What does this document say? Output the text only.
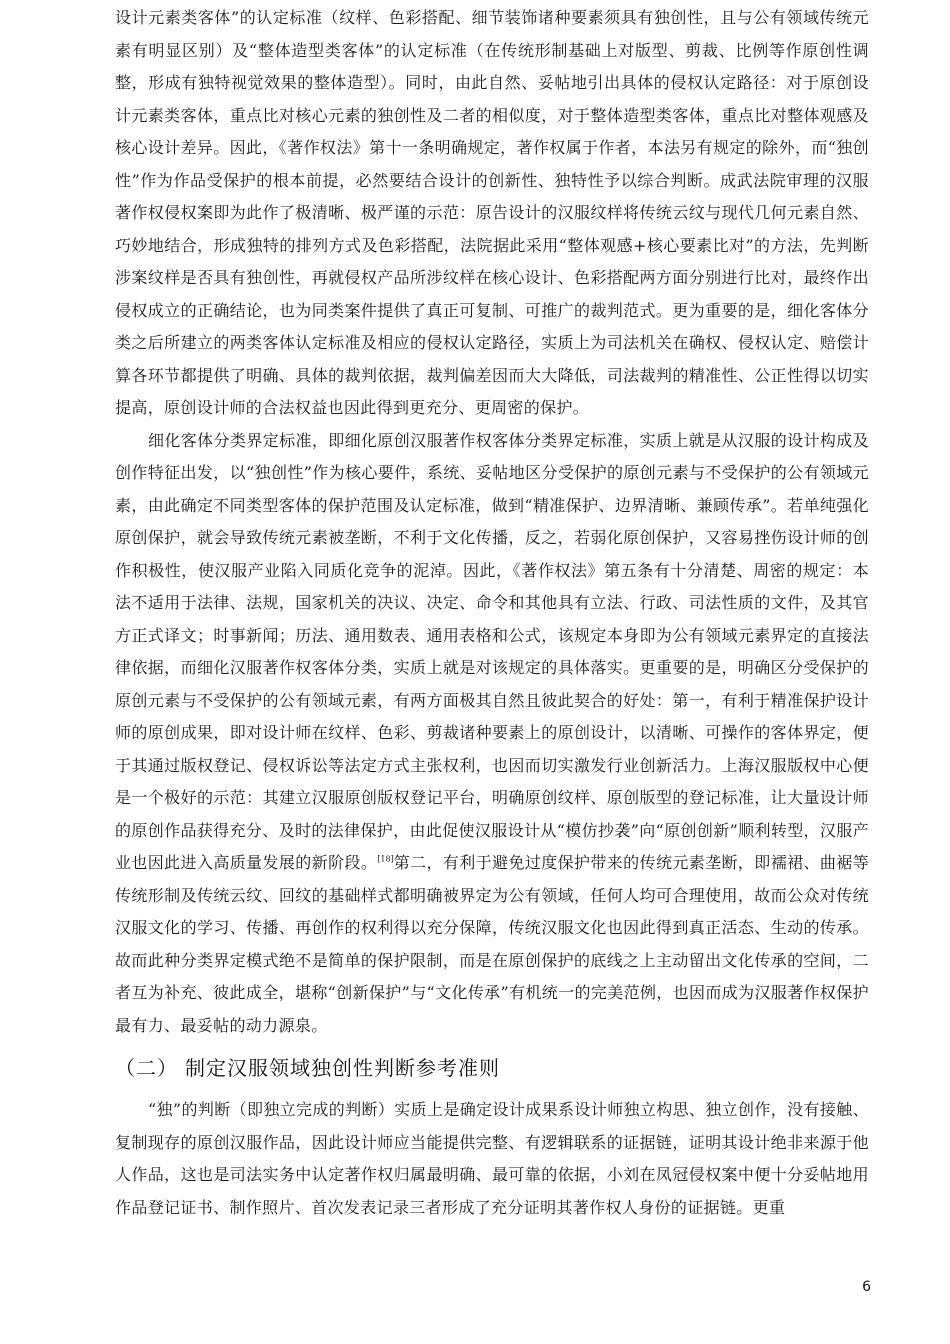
设计元素类客体”的认定标准（纹样、色彩搭配、细节装饰诸种要素须具有独创性，且与公有领域传统元素有明显区别）及“整体造型类客体”的认定标准（在传统形制基础上对版型、剪裁、比例等作原创性调整，形成有独特视觉效果的整体造型）。同时，由此自然、妥帖地引出具体的侵权认定路径：对于原创设计元素类客体，重点比对核心元素的独创性及二者的相似度，对于整体造型类客体，重点比对整体观感及核心设计差异。因此，《著作权法》第十一条明确规定，著作权属于作者，本法另有规定的除外，而“独创性”作为作品受保护的根本前提，必然要结合设计的创新性、独特性予以综合判断。成武法院审理的汉服著作权侵权案即为此作了极清晰、极严谨的示范：原告设计的汉服纹样将传统云纹与现代几何元素自然、巧妙地结合，形成独特的排列方式及色彩搭配，法院据此采用“整体观感+核心要素比对”的方法，先判断涉案纹样是否具有独创性，再就侵权产品所涉纹样在核心设计、色彩搭配两方面分别进行比对，最终作出侵权成立的正确结论，也为同类案件提供了真正可复制、可推广的裁判范式。更为重要的是，细化客体分类之后所建立的两类客体认定标准及相应的侵权认定路径，实质上为司法机关在确权、侵权认定、赔偿计算各环节都提供了明确、具体的裁判依据，裁判偏差因而大大降低，司法裁判的精准性、公正性得以切实提高，原创设计师的合法权益也因此得到更充分、更周密的保护。

细化客体分类界定标准，即细化原创汉服著作权客体分类界定标准，实质上就是从汉服的设计构成及创作特征出发，以“独创性”作为核心要件，系统、妥帖地区分受保护的原创元素与不受保护的公有领域元素，由此确定不同类型客体的保护范围及认定标准，做到“精准保护、边界清晰、兼顾传承”。若单纯强化原创保护，就会导致传统元素被垄断，不利于文化传播，反之，若弱化原创保护，又容易挫伤设计师的创作积极性，使汉服产业陷入同质化竞争的泥淖。因此，《著作权法》第五条有十分清楚、周密的规定：本法不适用于法律、法规，国家机关的决议、决定、命令和其他具有立法、行政、司法性质的文件，及其官方正式译文；时事新闻；历法、通用数表、通用表格和公式，该规定本身即为公有领域元素界定的直接法律依据，而细化汉服著作权客体分类，实质上就是对该规定的具体落实。更重要的是，明确区分受保护的原创元素与不受保护的公有领域元素，有两方面极其自然且彼此契合的好处：第一，有利于精准保护设计师的原创成果，即对设计师在纹样、色彩、剪裁诸种要素上的原创设计，以清晰、可操作的客体界定，便于其通过版权登记、侵权诉讼等法定方式主张权利，也因而切实激发行业创新活力。上海汉服版权中心便是一个极好的示范：其建立汉服原创版权登记平台，明确原创纹样、原创版型的登记标准，让大量设计师的原创作品获得充分、及时的法律保护，由此促使汉服设计从“模仿抄袭”向“原创创新”顺利转型，汉服产业也因此进入高质量发展的新阶段。[18]第二，有利于避免过度保护带来的传统元素垄断，即襦裙、曲裾等传统形制及传统云纹、回纹的基础样式都明确被界定为公有领域，任何人均可合理使用，故而公众对传统汉服文化的学习、传播、再创作的权利得以充分保障，传统汉服文化也因此得到真正活态、生动的传承。故而此种分类界定模式绝不是简单的保护限制，而是在原创保护的底线之上主动留出文化传承的空间，二者互为补充、彼此成全，堪称“创新保护”与“文化传承”有机统一的完美范例，也因而成为汉服著作权保护最有力、最妥帖的动力源泉。

（二） 制定汉服领域独创性判断参考准则

“独”的判断（即独立完成的判断）实质上是确定设计成果系设计师独立构思、独立创作，没有接触、复制现存的原创汉服作品，因此设计师应当能提供完整、有逻辑联系的证据链，证明其设计绝非来源于他人作品，这也是司法实务中认定著作权归属最明确、最可靠的依据，小刘在凤冠侵权案中便十分妥帖地用作品登记证书、制作照片、首次发表记录三者形成了充分证明其著作权人身份的证据链。更重

6
